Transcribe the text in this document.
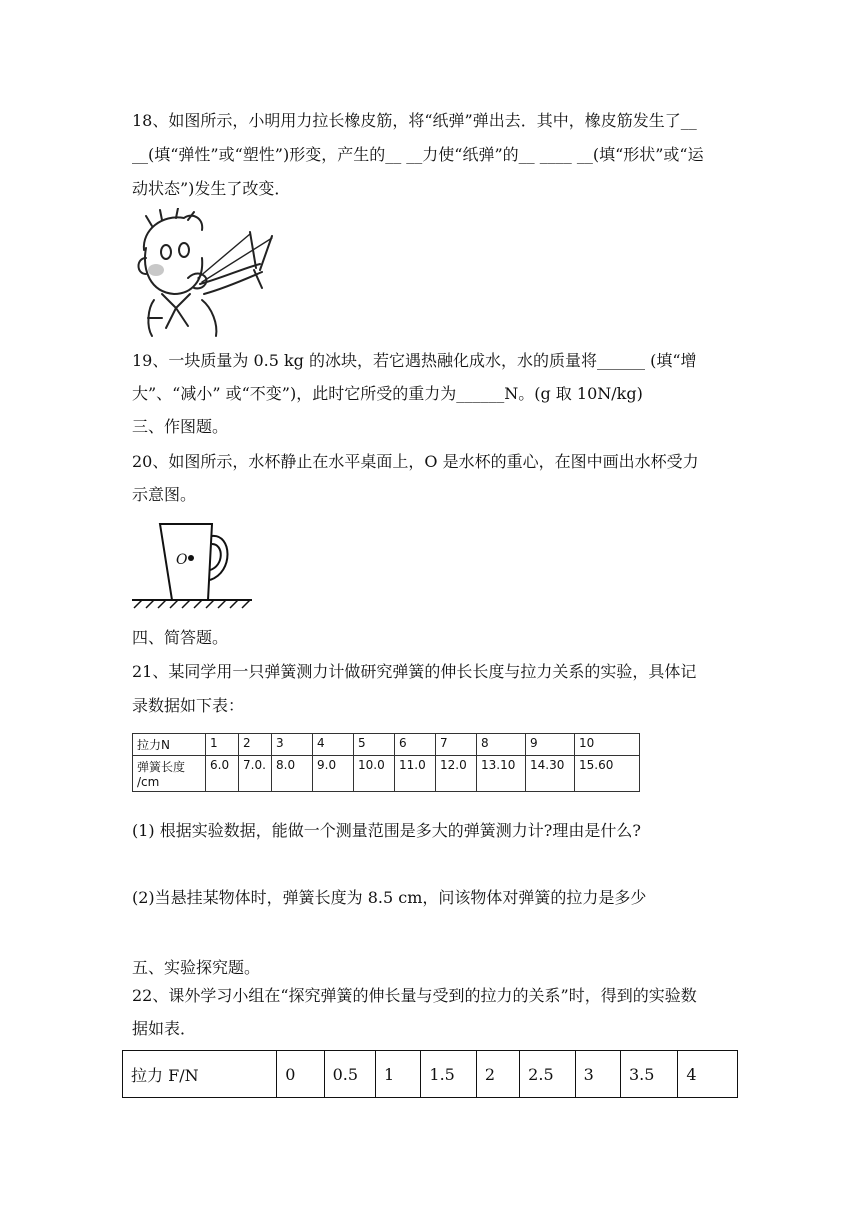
18、如图所示，小明用力拉长橡皮筋，将“纸弹”弹出去．其中，橡皮筋发生了__
__(填“弹性”或“塑性”)形变，产生的__ __力使“纸弹”的__ ____ __(填“形状”或“运
动状态”)发生了改变．
19、一块质量为 0.5 kg 的冰块，若它遇热融化成水，水的质量将______ (填“增
大”、“减小” 或“不变”)，此时它所受的重力为______N。(g 取 10N/kg)
三、作图题。
20、如图所示，水杯静止在水平桌面上，O 是水杯的重心，在图中画出水杯受力
示意图。
O
四、简答题。
21、某同学用一只弹簧测力计做研究弹簧的伸长长度与拉力关系的实验，具体记
录数据如下表：
拉力N	1	2	3	4	5	6	7	8	9	10

弹簧长度
/cm	6.0	7.0.	8.0	9.0	10.0	11.0	12.0	13.10	14.30	15.60
(1) 根据实验数据，能做一个测量范围是多大的弹簧测力计?理由是什么?
(2)当悬挂某物体时，弹簧长度为 8.5 cm，问该物体对弹簧的拉力是多少
五、实验探究题。
22、课外学习小组在“探究弹簧的伸长量与受到的拉力的关系”时，得到的实验数
据如表．
拉力 F/N	0	0.5	1	1.5	2	2.5	3	3.5	4
